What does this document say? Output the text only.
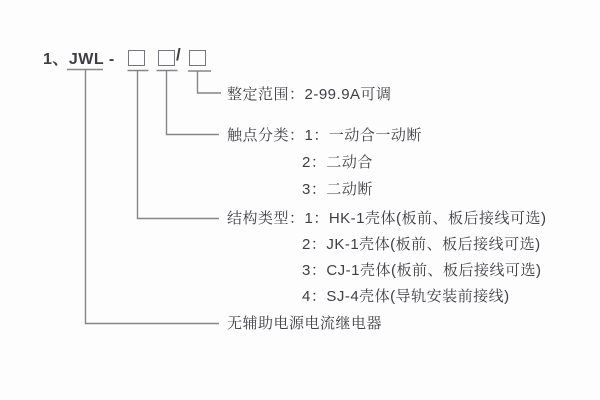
1、JWL -	/
整定范围：2-99.9A可调
触点分类：1：一动合一动断
2：二动合
3：二动断
结构类型：1：HK-1壳体(板前、板后接线可选)
2：JK-1壳体(板前、板后接线可选)
3：CJ-1壳体(板前、板后接线可选)
4：SJ-4壳体(导轨安装前接线)
无辅助电源电流继电器
